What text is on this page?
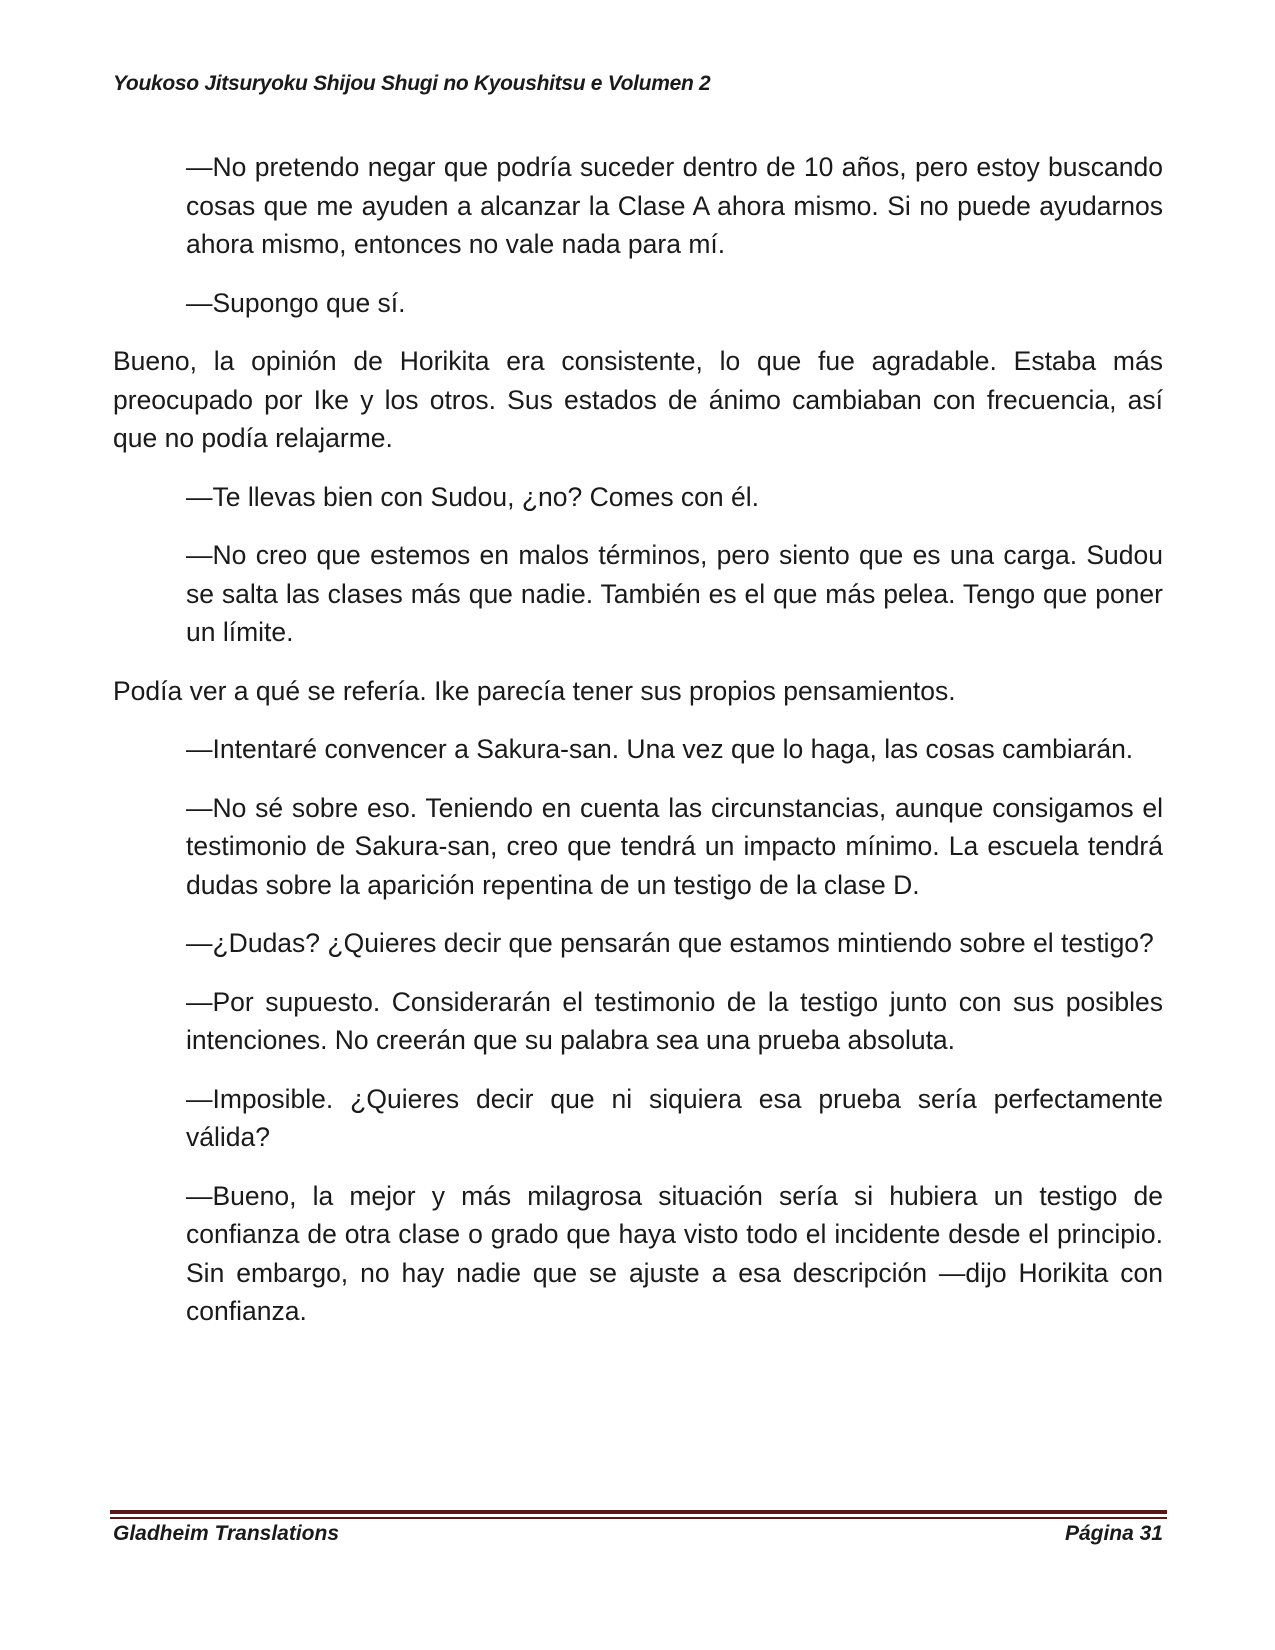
Youkoso Jitsuryoku Shijou Shugi no Kyoushitsu e Volumen 2

—No pretendo negar que podría suceder dentro de 10 años, pero estoy buscando cosas que me ayuden a alcanzar la Clase A ahora mismo. Si no puede ayudarnos ahora mismo, entonces no vale nada para mí.

—Supongo que sí.

Bueno, la opinión de Horikita era consistente, lo que fue agradable. Estaba más preocupado por Ike y los otros. Sus estados de ánimo cambiaban con frecuencia, así que no podía relajarme.

—Te llevas bien con Sudou, ¿no? Comes con él.

—No creo que estemos en malos términos, pero siento que es una carga. Sudou se salta las clases más que nadie. También es el que más pelea. Tengo que poner un límite.

Podía ver a qué se refería. Ike parecía tener sus propios pensamientos.

—Intentaré convencer a Sakura-san. Una vez que lo haga, las cosas cambiarán.

—No sé sobre eso. Teniendo en cuenta las circunstancias, aunque consigamos el testimonio de Sakura-san, creo que tendrá un impacto mínimo. La escuela tendrá dudas sobre la aparición repentina de un testigo de la clase D.

—¿Dudas? ¿Quieres decir que pensarán que estamos mintiendo sobre el testigo?

—Por supuesto. Considerarán el testimonio de la testigo junto con sus posibles intenciones. No creerán que su palabra sea una prueba absoluta.

—Imposible. ¿Quieres decir que ni siquiera esa prueba sería perfectamente válida?

—Bueno, la mejor y más milagrosa situación sería si hubiera un testigo de confianza de otra clase o grado que haya visto todo el incidente desde el principio. Sin embargo, no hay nadie que se ajuste a esa descripción —dijo Horikita con confianza.

Gladheim Translations	Página 31
